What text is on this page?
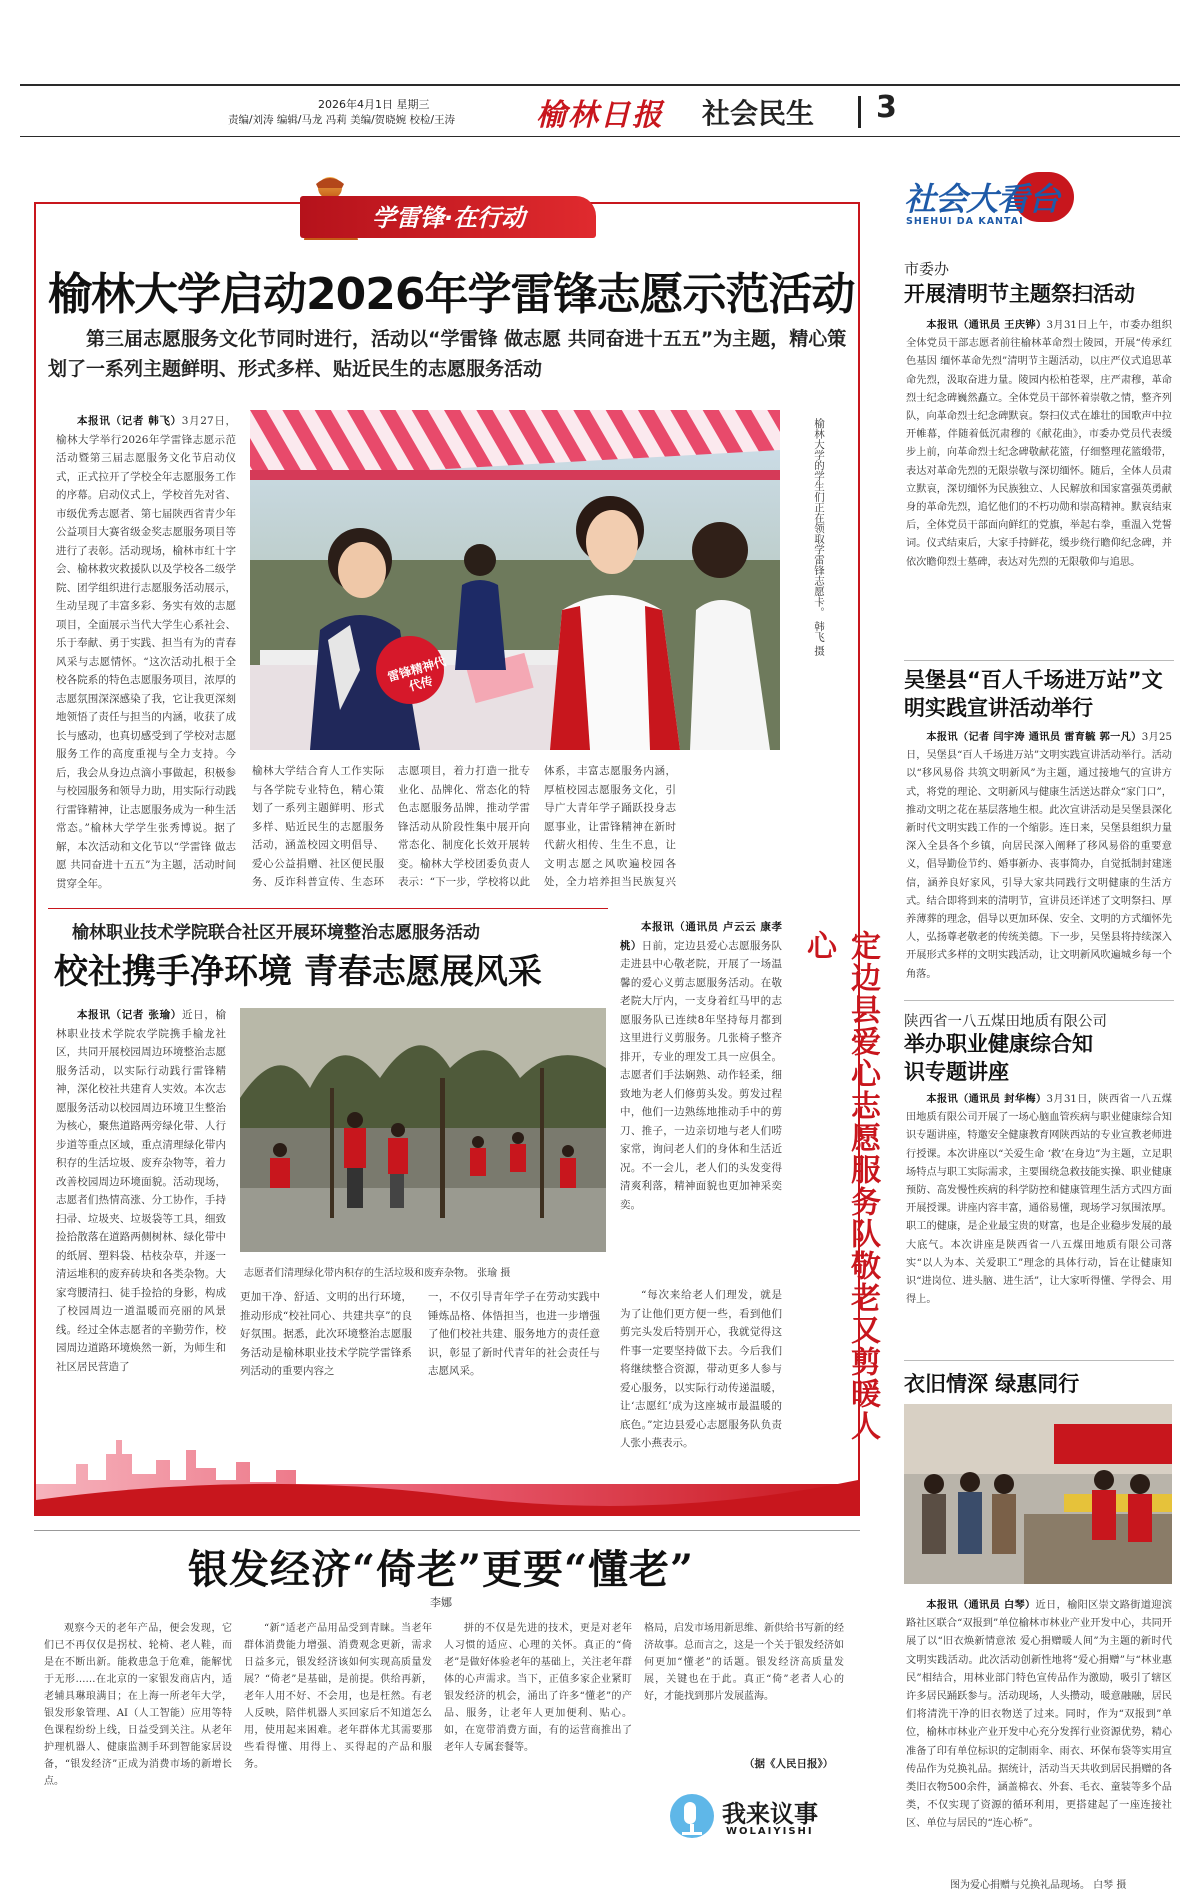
2026年4月1日 星期三
责编/刘涛 编辑/马龙 冯莉 美编/贺晓婉 校检/王涛	榆林日报 社会民生 3
学雷锋·在行动
榆林大学启动2026年学雷锋志愿示范活动
第三届志愿服务文化节同时进行，活动以“学雷锋 做志愿 共同奋进十五五”为主题，精心策划了一系列主题鲜明、形式多样、贴近民生的志愿服务活动
本报讯（记者 韩飞）3月27日，榆林大学举行2026年学雷锋志愿示范活动暨第三届志愿服务文化节启动仪式，正式拉开了学校全年志愿服务工作的序幕。启动仪式上，学校首先对省、市级优秀志愿者、第七届陕西省青少年公益项目大赛省级金奖志愿服务项目等进行了表彰。活动现场，榆林市红十字会、榆林救灾救援队以及学校各二级学院、团学组织进行志愿服务活动展示，生动呈现了丰富多彩、务实有效的志愿项目，全面展示当代大学生心系社会、乐于奉献、勇于实践、担当有为的青春风采与志愿情怀。“这次活动扎根于全校各院系的特色志愿服务项目，浓厚的志愿氛围深深感染了我，它让我更深刻地领悟了责任与担当的内涵，收获了成长与感动，也真切感受到了学校对志愿服务工作的高度重视与全力支持。今后，我会从身边点滴小事做起，积极参与校园服务和领导力助，用实际行动践行雷锋精神，让志愿服务成为一种生活常态。”榆林大学学生张秀博说。据了解，本次活动和文化节以“学雷锋 做志愿 共同奋进十五五”为主题，活动时间贯穿全年。
雷锋精神代代传
榆林大学的学生们正在领取学雷锋志愿卡。 韩飞 摄
榆林大学结合育人工作实际与各学院专业特色，精心策划了一系列主题鲜明、形式多样、贴近民生的志愿服务活动，涵盖校园文明倡导、爱心公益捐赠、社区便民服务、反诈科普宣传、生态环
志愿项目，着力打造一批专业化、品牌化、常态化的特色志愿服务品牌，推动学雷锋活动从阶段性集中展开向常态化、制度化长效开展转变。榆林大学校团委负责人表示：“下一步，学校将以此
体系，丰富志愿服务内涵，厚植校园志愿服务文化，引导广大青年学子踊跃投身志愿事业，让雷锋精神在新时代薪火相传、生生不息，让文明志愿之风吹遍校园各处，全力培养担当民族复兴
榆林职业技术学院联合社区开展环境整治志愿服务活动
校社携手净环境 青春志愿展风采
本报讯（记者 张瑜）近日，榆林职业技术学院农学院携手榆龙社区，共同开展校园周边环境整治志愿服务活动，以实际行动践行雷锋精神，深化校社共建育人实效。本次志愿服务活动以校园周边环境卫生整治为核心，聚焦道路两旁绿化带、人行步道等重点区域，重点清理绿化带内积存的生活垃圾、废弃杂物等，着力改善校园周边环境面貌。活动现场，志愿者们热情高涨、分工协作，手持扫帚、垃圾夹、垃圾袋等工具，细致捡拾散落在道路两侧树林、绿化带中的纸屑、塑料袋、枯枝杂草，并逐一清运堆积的废弃砖块和各类杂物。大家弯腰清扫、徒手捡拾的身影，构成了校园周边一道温暖而亮丽的风景线。经过全体志愿者的辛勤劳作，校园周边道路环境焕然一新，为师生和社区居民营造了
志愿者们清理绿化带内积存的生活垃圾和废弃杂物。 张瑜 摄
更加干净、舒适、文明的出行环境，推动形成“校社同心、共建共享”的良好氛围。据悉，此次环境整治志愿服务活动是榆林职业技术学院学雷锋系列活动的重要内容之
一，不仅引导青年学子在劳动实践中锤炼品格、体悟担当，也进一步增强了他们校社共建、服务地方的责任意识，彰显了新时代青年的社会责任与志愿风采。
本报讯（通讯员 卢云云 康孝桃）日前，定边县爱心志愿服务队走进县中心敬老院，开展了一场温馨的爱心义剪志愿服务活动。在敬老院大厅内，一支身着红马甲的志愿服务队已连续8年坚持每月都到这里进行义剪服务。几张椅子整齐排开，专业的理发工具一应俱全。志愿者们手法娴熟、动作轻柔，细致地为老人们修剪头发。剪发过程中，他们一边熟练地推动手中的剪刀、推子，一边亲切地与老人们唠家常，询问老人们的身体和生活近况。不一会儿，老人们的头发变得清爽利落，精神面貌也更加神采奕奕。
“每次来给老人们理发，就是为了让他们更方便一些，看到他们剪完头发后特别开心，我就觉得这件事一定要坚持做下去。今后我们将继续整合资源，带动更多人参与爱心服务，以实际行动传递温暖，让‘志愿红’成为这座城市最温暖的底色。”定边县爱心志愿服务队负责人张小燕表示。
定边县爱心志愿服务队敬老又剪暖人心
银发经济“倚老”更要“懂老”
李娜
观察今天的老年产品，便会发现，它们已不再仅仅是拐杖、轮椅、老人鞋，而是在不断出新。能救患急于危难，能解忧于无形……在北京的一家银发商店内，适老辅具琳琅满目；在上海一所老年大学，银发形象管理、AI（人工智能）应用等特色课程纷纷上线，日益受到关注。从老年护理机器人、健康监测手环到智能家居设备，“银发经济”正成为消费市场的新增长点。
“新”适老产品用品受到青睐。当老年群体消费能力增强、消费观念更新，需求日益多元，银发经济该如何实现高质量发展？“倚老”是基础，是前提。供给再新，老年人用不好、不会用，也是枉然。有老人反映，陪伴机器人买回家后不知道怎么用，使用起来困难。老年群体尤其需要那些看得懂、用得上、买得起的产品和服务。
拼的不仅是先进的技术，更是对老年人习惯的适应、心理的关怀。真正的“倚老”是做好体验老年的基础上，关注老年群体的心声需求。当下，正值多家企业紧盯银发经济的机会，涌出了许多“懂老”的产品、服务，让老年人更加便利、贴心。如，在宽带消费方面，有的运营商推出了老年人专属套餐等。
格局，启发市场用新思维、新供给书写新的经济故事。总而言之，这是一个关于银发经济如何更加“懂老”的话题。银发经济高质量发展，关键也在于此。真正“倚”老者人心的好，才能找到那片发展蓝海。
（据《人民日报》）
我来议事
WOLAIYISHI
社会大看台
SHEHUI DA KANTAI
市委办
开展清明节主题祭扫活动
本报讯（通讯员 王庆铧）3月31日上午，市委办组织全体党员干部志愿者前往榆林革命烈士陵园，开展“传承红色基因 缅怀革命先烈”清明节主题活动，以庄严仪式追思革命先烈，汲取奋进力量。陵园内松柏苍翠，庄严肃穆，革命烈士纪念碑巍然矗立。全体党员干部怀着崇敬之情，整齐列队，向革命烈士纪念碑默哀。祭扫仪式在雄壮的国歌声中拉开帷幕，伴随着低沉肃穆的《献花曲》，市委办党员代表缓步上前，向革命烈士纪念碑敬献花篮，仔细整理花篮缎带，表达对革命先烈的无限崇敬与深切缅怀。随后，全体人员肃立默哀，深切缅怀为民族独立、人民解放和国家富强英勇献身的革命先烈，追忆他们的不朽功勋和崇高精神。默哀结束后，全体党员干部面向鲜红的党旗，举起右拳，重温入党誓词。仪式结束后，大家手持鲜花，缓步绕行瞻仰纪念碑，并依次瞻仰烈士墓碑，表达对先烈的无限敬仰与追思。
吴堡县“百人千场进万站”文明实践宣讲活动举行
本报讯（记者 闫宇涛 通讯员 雷育毓 郭一凡）3月25日，吴堡县“百人千场进万站”文明实践宣讲活动举行。活动以“移风易俗 共筑文明新风”为主题，通过接地气的宣讲方式，将党的理论、文明新风与健康生活送达群众“家门口”，推动文明之花在基层落地生根。此次宣讲活动是吴堡县深化新时代文明实践工作的一个缩影。连日来，吴堡县组织力量深入全县各个乡镇，向居民深入阐释了移风易俗的重要意义，倡导勤俭节约、婚事新办、丧事简办，自觉抵制封建迷信，涵养良好家风，引导大家共同践行文明健康的生活方式。结合即将到来的清明节，宣讲员还详述了文明祭扫、厚养薄葬的理念，倡导以更加环保、安全、文明的方式缅怀先人，弘扬尊老敬老的传统美德。下一步，吴堡县将持续深入开展形式多样的文明实践活动，让文明新风吹遍城乡每一个角落。
陕西省一八五煤田地质有限公司
举办职业健康综合知识专题讲座
本报讯（通讯员 封华梅）3月31日，陕西省一八五煤田地质有限公司开展了一场心脑血管疾病与职业健康综合知识专题讲座，特邀安全健康教育网陕西站的专业宣教老师进行授课。本次讲座以“关爱生命 ‘救’在身边”为主题，立足职场特点与职工实际需求，主要围绕急救技能实操、职业健康预防、高发慢性疾病的科学防控和健康管理生活方式四方面开展授课。讲座内容丰富，通俗易懂，现场学习氛围浓厚。职工的健康，是企业最宝贵的财富，也是企业稳步发展的最大底气。本次讲座是陕西省一八五煤田地质有限公司落实“以人为本、关爱职工”理念的具体行动，旨在让健康知识“进岗位、进头脑、进生活”，让大家听得懂、学得会、用得上。
衣旧情深 绿惠同行
本报讯（通讯员 白琴）近日，榆阳区崇文路街道迎滨路社区联合“双报到”单位榆林市林业产业开发中心，共同开展了以“旧衣焕新情意浓 爱心捐赠暖人间”为主题的新时代文明实践活动。此次活动创新性地将“爱心捐赠”与“林业惠民”相结合，用林业部门特色宣传品作为激励，吸引了辖区许多居民踊跃参与。活动现场，人头攒动，暖意融融，居民们将清洗干净的旧衣物送了过来。同时，作为“双报到”单位，榆林市林业产业开发中心充分发挥行业资源优势，精心准备了印有单位标识的定制雨伞、雨衣、环保布袋等实用宣传品作为兑换礼品。据统计，活动当天共收到居民捐赠的各类旧衣物500余件，涵盖棉衣、外套、毛衣、童装等多个品类，不仅实现了资源的循环利用，更搭建起了一座连接社区、单位与居民的“连心桥”。
图为爱心捐赠与兑换礼品现场。 白琴 摄
